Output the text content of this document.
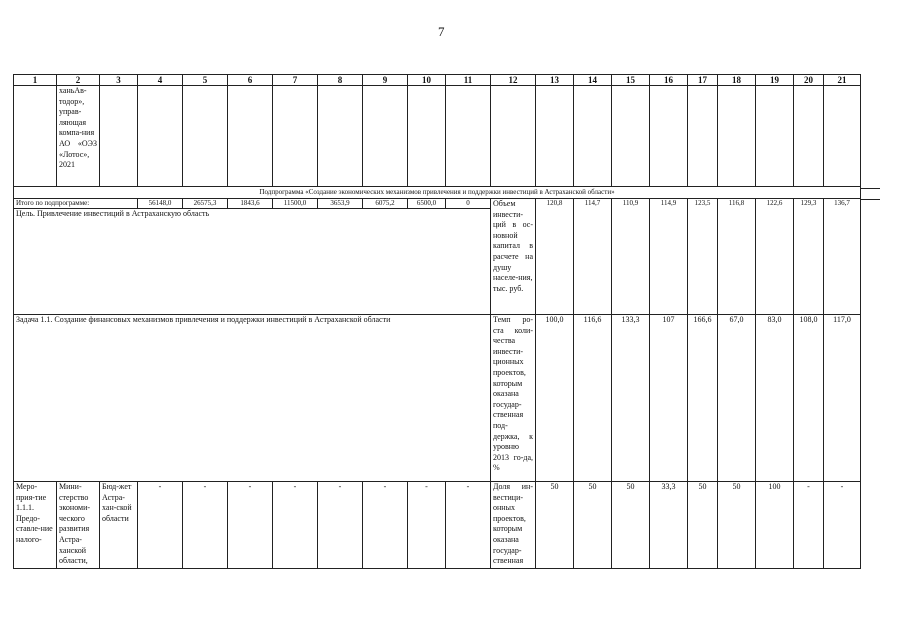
7
1	2	3	4	5	6	7	8	9	10	11	12	13	14	15	16	17	18	19	20	21
	ханьАв-тодор», управ-ляющая компа-ния АО «ОЭЗ «Лотос», 2021																			
Подпрограмма «Создание экономических механизмов привлечения и поддержки инвестиций в Астраханской области»																				
Итого по подпрограмме:			56148,0	26575,3	1843,6	11500,0	3653,9	6075,2	6500,0	0	Объем инвести-ций в ос-новной капитал в расчете на душу населе-ния, тыс. руб.	120,8	114,7	110,9	114,9	123,5	116,8	122,6	129,3	136,7
Цель. Привлечение инвестиций в Астраханскую область																				
Задача 1.1. Создание финансовых механизмов привлечения и поддержки инвестиций в Астраханской области											Темп ро-ста коли-чества инвести-ционных проектов, которым оказана государ-ственная под-держка, к уровню 2013 го-да, %	100,0	116,6	133,3	107	166,6	67,0	83,0	108,0	117,0
Меро-прия-тие 1.1.1. Предо-ставле-ние налого-	Мини-стерство экономи-ческого развития Астра-ханской области,	Бюд-жет Астра-хан-ской области	-	-	-	-	-	-	-	-	Доля ин-вестици-онных проектов, которым оказана государ-ственная	50	50	50	33,3	50	50	100	-	-
